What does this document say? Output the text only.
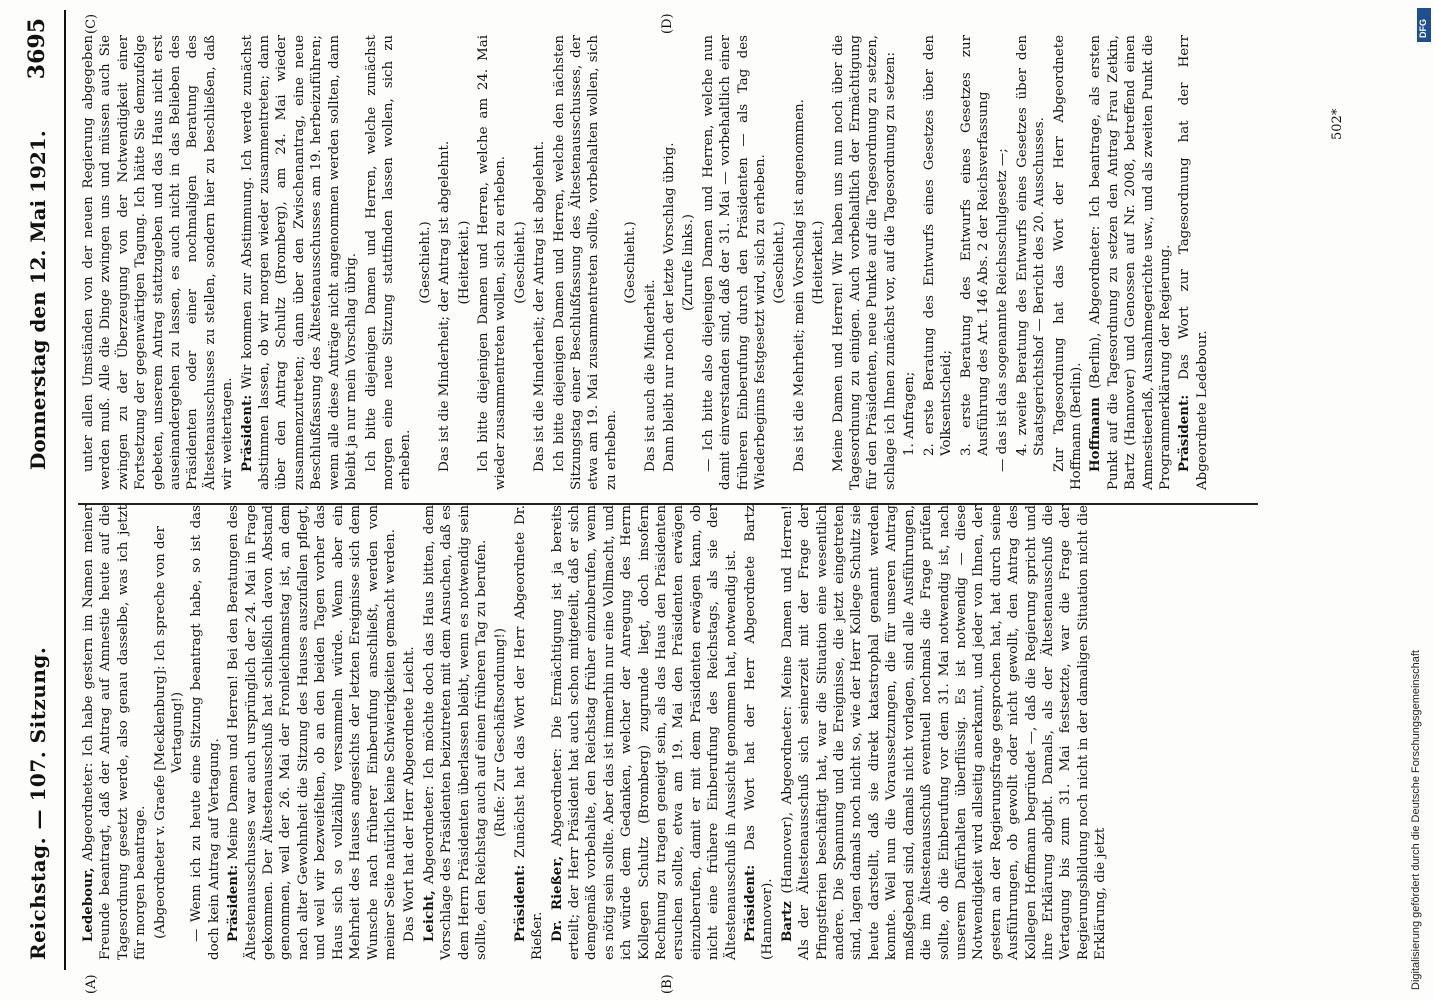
Reichstag. — 107. Sitzung.
Donnerstag den 12. Mai 1921.
3695
(A)	(B)
(C)	(D)

Ledebour, Abgeordneter: Ich habe gestern im Namen meiner Freunde beantragt, daß der Antrag auf Amnestie heute auf die Tagesordnung gesetzt werde, also genau dasselbe, was ich jetzt für morgen beantrage. (Abgeordneter v. Graefe [Mecklenburg]: Ich spreche von der Vertagung!) — Wenn ich zu heute eine Sitzung beantragt habe, so ist das doch kein Antrag auf Vertagung. Präsident: Meine Damen und Herren! Bei den Beratungen des Ältestenausschusses war auch ursprünglich der 24. Mai in Frage gekommen. Der Ältestenausschuß hat schließlich davon Abstand genommen, weil der 26. Mai der Fronleichnamstag ist, an dem nach alter Gewohnheit die Sitzung des Hauses auszufallen pflegt, und weil wir bezweifelten, ob an den beiden Tagen vorher das Haus sich so vollzählig versammeln würde. Wenn aber ein Mehrheit des Hauses angesichts der letzten Ereignisse sich dem Wunsche nach früherer Einberufung anschließt, werden von meiner Seite natürlich keine Schwierigkeiten gemacht werden. Das Wort hat der Herr Abgeordnete Leicht. Leicht, Abgeordneter: Ich möchte doch das Haus bitten, dem Vorschlage des Präsidenten beizutreten mit dem Ansuchen, daß es dem Herrn Präsidenten überlassen bleibt, wenn es notwendig sein sollte, den Reichstag auch auf einen früheren Tag zu berufen. (Rufe: Zur Geschäftsordnung!)

Präsident: Zunächst hat das Wort der Herr Abgeordnete Dr. Rießer. Dr. Rießer, Abgeordneter: Die Ermächtigung ist ja bereits erteilt; der Herr Präsident hat auch schon mitgeteilt, daß er sich demgemäß vorbehalte, den Reichstag früher einzuberufen, wenn es nötig sein sollte. Aber das ist immerhin nur eine Vollmacht, und ich würde dem Gedanken, welcher der Anregung des Herrn Kollegen Schultz (Bromberg) zugrunde liegt, doch insofern Rechnung zu tragen geneigt sein, als das Haus den Präsidenten ersuchen sollte, etwa am 19. Mai den Präsidenten erwägen einzuberufen, damit er mit dem Präsidenten erwägen kann, ob nicht eine frühere Einberufung des Reichstags, als sie der Ältestenausschuß in Aussicht genommen hat, notwendig ist. Präsident: Das Wort hat der Herr Abgeordnete Bartz (Hannover). Bartz (Hannover), Abgeordneter: Meine Damen und Herren! Als der Ältestenausschuß sich seinerzeit mit der Frage der Pfingstferien beschäftigt hat, war die Situation eine wesentlich andere. Die Spannung und die Ereignisse, die jetzt eingetreten sind, lagen damals noch nicht so, wie der Herr Kollege Schultz sie heute darstellt, daß sie direkt katastrophal genannt werden konnte. Weil nun die Voraussetzungen, die für unseren Antrag maßgebend sind, damals nicht vorlagen, sind alle Ausführungen, die im Ältestenausschuß eventuell nochmals die Frage prüfen sollte, ob die Einberufung vor dem 31. Mai notwendig ist, nach unserem Dafürhalten überflüssig. Es ist notwendig — diese Notwendigkeit wird allseitig anerkannt, und jeder von Ihnen, der gestern an der Regierungsfrage gesprochen hat, hat durch seine Ausführungen, ob gewollt oder nicht gewollt, den Antrag des Kollegen Hoffmann begründet —, daß die Regierung spricht und ihre Erklärung abgibt. Damals, als der Ältestenausschuß die Vertagung bis zum 31. Mai festsetzte, war die Frage der Regierungsbildung noch nicht in der damaligen Situation nicht die Erklärung, die jetzt

unter allen Umständen von der neuen Regierung abgegeben werden muß. Alle die Dinge zwingen uns und müssen auch Sie zwingen zu der Überzeugung von der Notwendigkeit einer Fortsetzung der gegenwärtigen Tagung. Ich hätte Sie demzufolge gebeten, unserem Antrag stattzugeben und das Haus nicht erst auseinandergehen zu lassen, es auch nicht in das Belieben des Präsidenten oder einer nochmaligen Beratung des Ältestenausschusses zu stellen, sondern hier zu beschließen, daß wir weitertagen. Präsident: Wir kommen zur Abstimmung. Ich werde zunächst abstimmen lassen, ob wir morgen wieder zusammentreten; dann über den Antrag Schultz (Bromberg), am 24. Mai wieder zusammenzutreten; dann über den Zwischenantrag, eine neue Beschlußfassung des Ältestenausschusses am 19. herbeizuführen; wenn alle diese Anträge nicht angenommen werden sollten, dann bleibt ja nur mein Vorschlag übrig. Ich bitte diejenigen Damen und Herren, welche zunächst morgen eine neue Sitzung stattfinden lassen wollen, sich zu erheben.

(Geschieht.) Das ist die Minderheit; der Antrag ist abgelehnt. (Heiterkeit.) Ich bitte diejenigen Damen und Herren, welche am 24. Mai wieder zusammentreten wollen, sich zu erheben. (Geschieht.) Das ist die Minderheit; der Antrag ist abgelehnt. Ich bitte diejenigen Damen und Herren, welche den nächsten Sitzungstag einer Beschlußfassung des Ältestenausschusses, der etwa am 19. Mai zusammentreten sollte, vorbehalten wollen, sich zu erheben.

(Geschieht.)

Das ist auch die Minderheit. Dann bleibt nur noch der letzte Vorschlag übrig. (Zurufe links.) — Ich bitte also diejenigen Damen und Herren, welche nun damit einverstanden sind, daß der 31. Mai — vorbehaltlich einer früheren Einberufung durch den Präsidenten — als Tag des Wiederbeginns festgesetzt wird, sich zu erheben. (Geschieht.) Das ist die Mehrheit; mein Vorschlag ist angenommen. (Heiterkeit.) Meine Damen und Herren! Wir haben uns nun noch über die Tagesordnung zu einigen. Auch vorbehaltlich der Ermächtigung für den Präsidenten, neue Punkte auf die Tagesordnung zu setzen, schlage ich Ihnen zunächst vor, auf die Tagesordnung zu setzen: 1. Anfragen; 2. erste Beratung des Entwurfs eines Gesetzes über den Volksentscheid; 3. erste Beratung des Entwurfs eines Gesetzes zur Ausführung des Art. 146 Abs. 2 der Reichsverfassung — das ist das sogenannte Reichsschulgesetz —; 4. zweite Beratung des Entwurfs eines Gesetzes über den Staatsgerichtshof — Bericht des 20. Ausschusses. Zur Tagesordnung hat das Wort der Herr Abgeordnete Hoffmann (Berlin). Hoffmann (Berlin), Abgeordneter: Ich beantrage, als ersten Punkt auf die Tagesordnung zu setzen den Antrag Frau Zetkin, Bartz (Hannover) und Genossen auf Nr. 2008, betreffend einen Amnestieerlaß, Ausnahmegerichte usw., und als zweiten Punkt die Programmerklärung der Regierung. Präsident: Das Wort zur Tagesordnung hat der Herr Abgeordnete Ledebour.

502*
Digitalisierung gefördert durch die Deutsche Forschungsgemeinschaft
DFG
